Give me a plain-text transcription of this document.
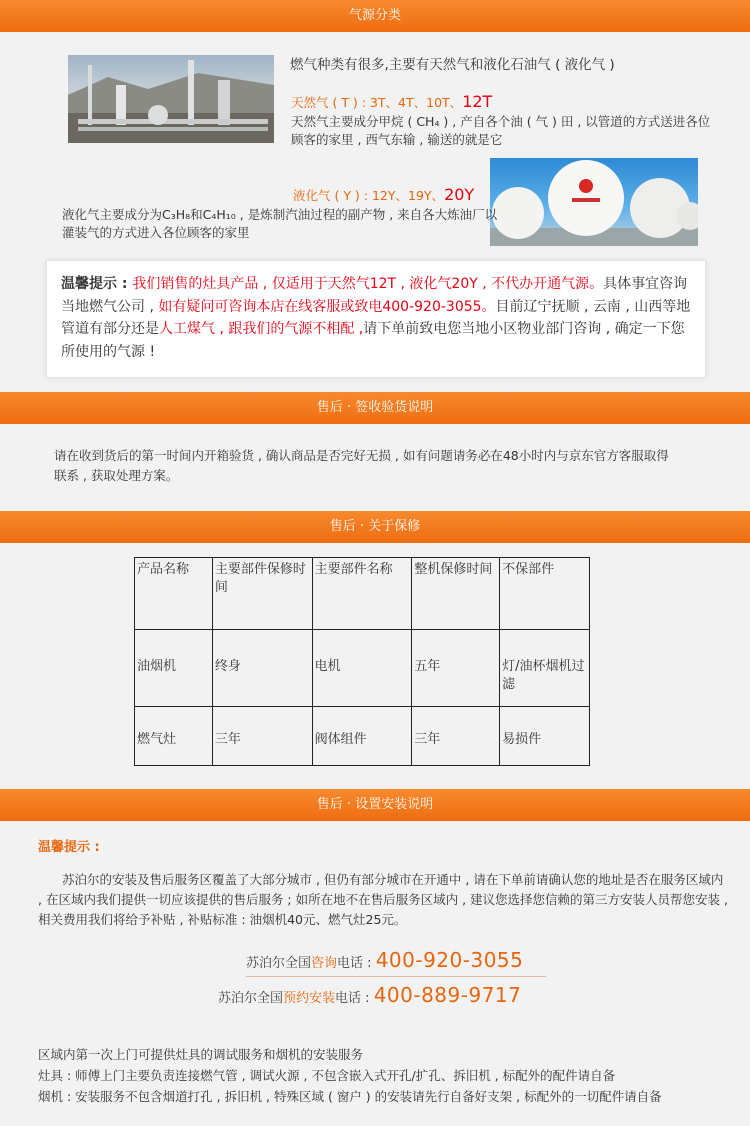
气源分类
燃气种类有很多,主要有天然气和液化石油气 ( 液化气 )
天然气 ( T ) : 3T、4T、10T、12T
天然气主要成分甲烷 ( CH₄ ) , 产自各个油 ( 气 ) 田 , 以管道的方式送进各位
顾客的家里 , 西气东输 , 输送的就是它
液化气 ( Y ) : 12Y、19Y、20Y
液化气主要成分为C₃H₈和C₄H₁₀ , 是炼制汽油过程的副产物 , 来自各大炼油厂以
灌装气的方式进入各位顾客的家里
温馨提示 : 我们销售的灶具产品 , 仅适用于天然气12T , 液化气20Y , 不代办开通气源。具体事宜咨询当地燃气公司 , 如有疑问可咨询本店在线客服或致电400-920-3055。目前辽宁抚顺 , 云南 , 山西等地管道有部分还是人工煤气 , 跟我们的气源不相配 ,请下单前致电您当地小区物业部门咨询 , 确定一下您所使用的气源 !
售后 · 签收验货说明
请在收到货后的第一时间内开箱验货 , 确认商品是否完好无损 , 如有问题请务必在48小时内与京东官方客服取得
联系 , 获取处理方案。
售后 · 关于保修
产品名称	主要部件保修时间	主要部件名称	整机保修时间	不保部件
油烟机	终身	电机	五年	灯/油杯烟机过滤
燃气灶	三年	阀体组件	三年	易损件
售后 · 设置安装说明
温馨提示 :
苏泊尔的安装及售后服务区覆盖了大部分城市 , 但仍有部分城市在开通中 , 请在下单前请确认您的地址是否在服务区域内 , 在区域内我们提供一切应该提供的售后服务 ; 如所在地不在售后服务区域内 , 建议您选择您信赖的第三方安装人员帮您安装 , 相关费用我们将给予补贴 , 补贴标准 : 油烟机40元、燃气灶25元。
苏泊尔全国咨询电话 : 400-920-3055
苏泊尔全国预约安装电话 : 400-889-9717
区域内第一次上门可提供灶具的调试服务和烟机的安装服务
灶具 : 师傅上门主要负责连接燃气管 , 调试火源 , 不包含嵌入式开孔/扩孔、拆旧机 , 标配外的配件请自备
烟机 : 安装服务不包含烟道打孔 , 拆旧机 , 特殊区域 ( 窗户 ) 的安装请先行自备好支架 , 标配外的一切配件请自备
